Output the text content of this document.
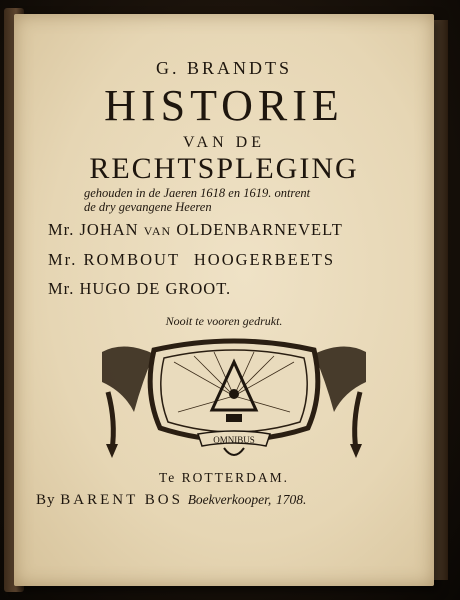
G. BRANDTS
HISTORIE
VAN DE
RECHTSPLEGING
gehouden in de Jaeren 1618 en 1619. ontrent
de dry gevangene Heeren
Mr. JOHAN van OLDENBARNEVELT
Mr. ROMBOUT HOOGERBEETS
Mr. HUGO DE GROOT.
Nooit te vooren gedrukt.
OMNIBUS
Te ROTTERDAM.
By BARENT BOS Boekverkooper, 1708.
